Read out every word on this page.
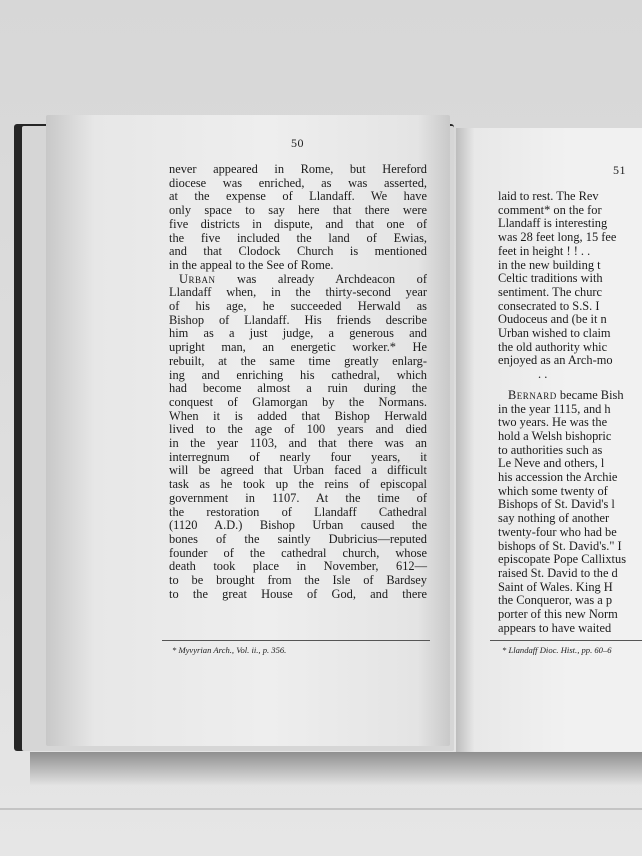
50
51
never appeared in Rome, but Hereford
diocese was enriched, as was asserted,
at the expense of Llandaff. We have
only space to say here that there were
five districts in dispute, and that one of
the five included the land of Ewias,
and that Clodock Church is mentioned
in the appeal to the See of Rome.
Urban was already Archdeacon of
Llandaff when, in the thirty-second year
of his age, he succeeded Herwald as
Bishop of Llandaff. His friends describe
him as a just judge, a generous and
upright man, an energetic worker.* He
rebuilt, at the same time greatly enlarg-
ing and enriching his cathedral, which
had become almost a ruin during the
conquest of Glamorgan by the Normans.
When it is added that Bishop Herwald
lived to the age of 100 years and died
in the year 1103, and that there was an
interregnum of nearly four years, it
will be agreed that Urban faced a difficult
task as he took up the reins of episcopal
government in 1107. At the time of
the restoration of Llandaff Cathedral
(1120 A.D.) Bishop Urban caused the
bones of the saintly Dubricius—reputed
founder of the cathedral church, whose
death took place in November, 612—
to be brought from the Isle of Bardsey
to the great House of God, and there
* Myvyrian Arch., Vol. ii., p. 356.
laid to rest. The Rev
comment* on the for
Llandaff is interesting
was 28 feet long, 15 fee
feet in height ! ! . .
in the new building t
Celtic traditions with
sentiment. The churc
consecrated to S.S. I
Oudoceus and (be it n
Urban wished to claim
the old authority whic
enjoyed as an Arch-mo
. .
Bernard became Bish
in the year 1115, and h
two years. He was the
hold a Welsh bishopric
to authorities such as
Le Neve and others, l
his accession the Archie
which some twenty of
Bishops of St. David's l
say nothing of another
twenty-four who had be
bishops of St. David's." I
episcopate Pope Callixtus
raised St. David to the d
Saint of Wales. King H
the Conqueror, was a p
porter of this new Norm
appears to have waited
* Llandaff Dioc. Hist., pp. 60–6
